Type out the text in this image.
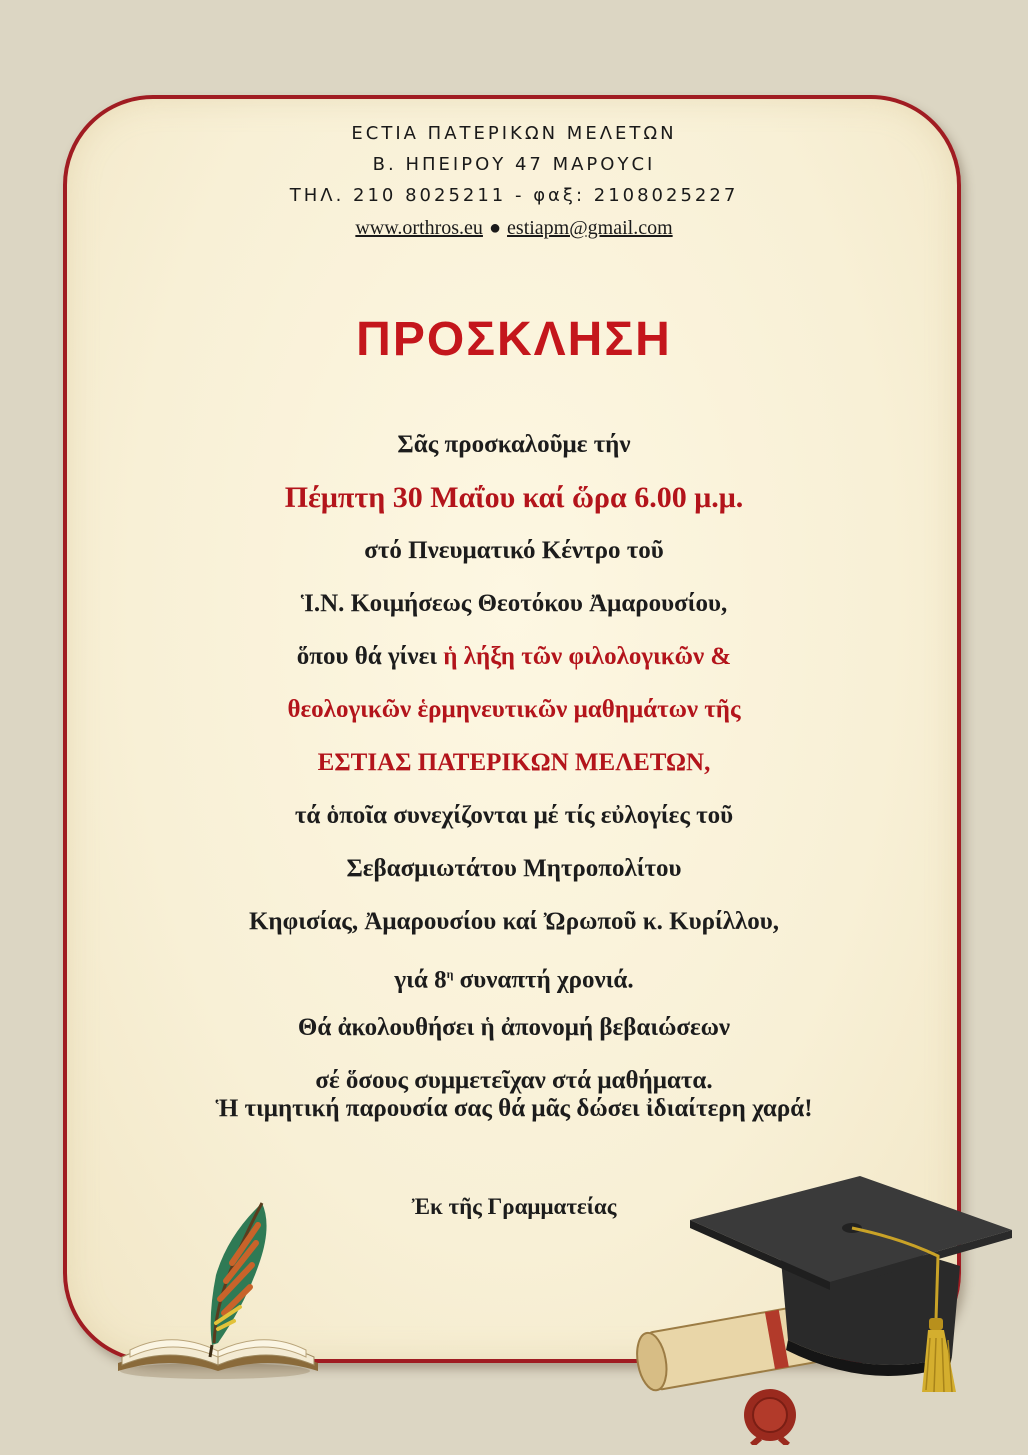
ΕCΤΙΑ ΠΑΤΕΡΙΚΩΝ ΜΕΛΕΤΩΝ
Β. ΗΠΕΙΡΟΥ 47 ΜΑΡΟΥCΙ
ΤΗΛ. 210 8025211 - φαξ: 2108025227
www.orthros.eu ● estiapm@gmail.com
ΠΡΟΣΚΛΗΣΗ
Σᾶς προσκαλοῦμε τήν
Πέμπτη 30 Μαΐου καί ὥρα 6.00 μ.μ.
στό Πνευματικό Κέντρο τοῦ
Ἱ.Ν. Κοιμήσεως Θεοτόκου Ἀμαρουσίου,
ὅπου θά γίνει ἡ λήξη τῶν φιλολογικῶν &
θεολογικῶν ἑρμηνευτικῶν μαθημάτων τῆς
ΕΣΤΙΑΣ ΠΑΤΕΡΙΚΩΝ ΜΕΛΕΤΩΝ,
τά ὁποῖα συνεχίζονται μέ τίς εὐλογίες τοῦ
Σεβασμιωτάτου Μητροπολίτου
Κηφισίας, Ἀμαρουσίου καί Ὠρωποῦ κ. Κυρίλλου,
γιά $8^\eta$ συναπτή χρονιά.
Θά ἀκολουθήσει ἡ ἀπονομή βεβαιώσεων
σέ ὅσους συμμετεῖχαν στά μαθήματα.
Ἡ τιμητική παρουσία σας θά μᾶς δώσει ἰδιαίτερη χαρά!
Ἐκ τῆς Γραμματείας
